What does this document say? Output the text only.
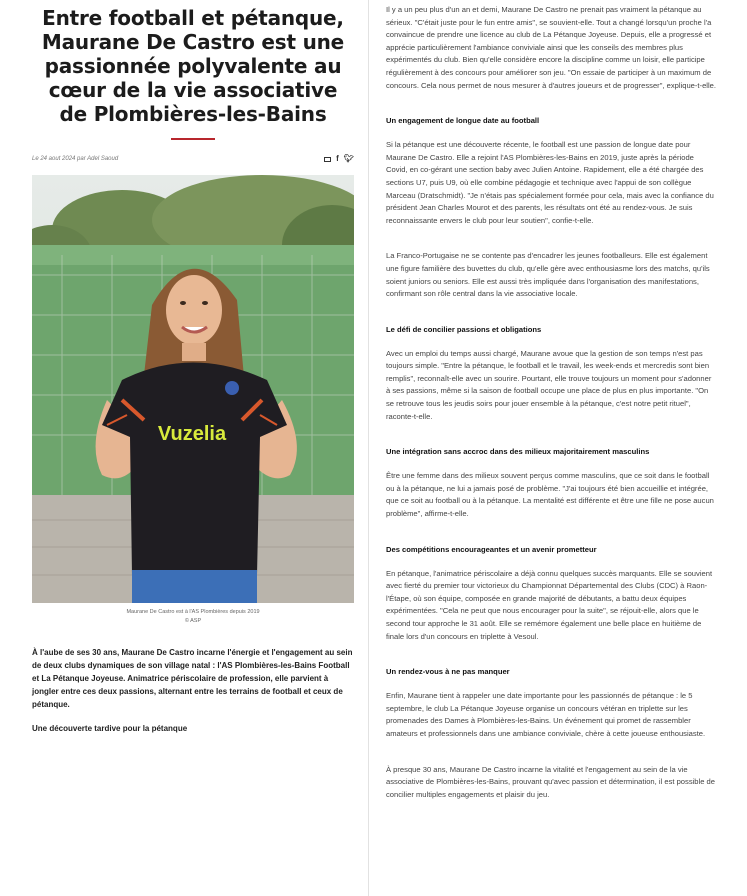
Entre football et pétanque, Maurane De Castro est une passionnée polyvalente au cœur de la vie associative de Plombières-les-Bains
Le 24 aout 2024 par Adel Saoud	f 🐦︎
Vuzelia
Maurane De Castro est à l'AS Plombières depuis 2019
© ASP

À l'aube de ses 30 ans, Maurane De Castro incarne l'énergie et l'engagement au sein de deux clubs dynamiques de son village natal : l'AS Plombières-les-Bains Football et La Pétanque Joyeuse. Animatrice périscolaire de profession, elle parvient à jongler entre ces deux passions, alternant entre les terrains de football et ceux de pétanque.

Une découverte tardive pour la pétanque

Il y a un peu plus d'un an et demi, Maurane De Castro ne prenait pas vraiment la pétanque au sérieux. "C'était juste pour le fun entre amis", se souvient-elle. Tout a changé lorsqu'un proche l'a convaincue de prendre une licence au club de La Pétanque Joyeuse. Depuis, elle a progressé et apprécie particulièrement l'ambiance conviviale ainsi que les conseils des membres plus expérimentés du club. Bien qu'elle considère encore la discipline comme un loisir, elle participe régulièrement à des concours pour améliorer son jeu. "On essaie de participer à un maximum de concours. Cela nous permet de nous mesurer à d'autres joueurs et de progresser", explique-t-elle.

Un engagement de longue date au football

Si la pétanque est une découverte récente, le football est une passion de longue date pour Maurane De Castro. Elle a rejoint l'AS Plombières-les-Bains en 2019, juste après la période Covid, en co-gérant une section baby avec Julien Antoine. Rapidement, elle a été chargée des sections U7, puis U9, où elle combine pédagogie et technique avec l'appui de son collègue Marceau (Dratschmidt). "Je n'étais pas spécialement formée pour cela, mais avec la confiance du président Jean Charles Mourot et des parents, les résultats ont été au rendez-vous. Je suis reconnaissante envers le club pour leur soutien", confie-t-elle.

La Franco-Portugaise ne se contente pas d'encadrer les jeunes footballeurs. Elle est également une figure familière des buvettes du club, qu'elle gère avec enthousiasme lors des matchs, qu'ils soient juniors ou seniors. Elle est aussi très impliquée dans l'organisation des manifestations, confirmant son rôle central dans la vie associative locale.

Le défi de concilier passions et obligations

Avec un emploi du temps aussi chargé, Maurane avoue que la gestion de son temps n'est pas toujours simple. "Entre la pétanque, le football et le travail, les week-ends et mercredis sont bien remplis", reconnaît-elle avec un sourire. Pourtant, elle trouve toujours un moment pour s'adonner à ses passions, même si la saison de football occupe une place de plus en plus importante. "On se retrouve tous les jeudis soirs pour jouer ensemble à la pétanque, c'est notre petit rituel", raconte-t-elle.

Une intégration sans accroc dans des milieux majoritairement masculins

Être une femme dans des milieux souvent perçus comme masculins, que ce soit dans le football ou à la pétanque, ne lui a jamais posé de problème. "J'ai toujours été bien accueillie et intégrée, que ce soit au football ou à la pétanque. La mentalité est différente et être une fille ne pose aucun problème", affirme-t-elle.

Des compétitions encourageantes et un avenir prometteur

En pétanque, l'animatrice périscolaire a déjà connu quelques succès marquants. Elle se souvient avec fierté du premier tour victorieux du Championnat Départemental des Clubs (CDC) à Raon-l'Étape, où son équipe, composée en grande majorité de débutants, a battu deux équipes expérimentées. "Cela ne peut que nous encourager pour la suite", se réjouit-elle, alors que le second tour approche le 31 août. Elle se remémore également une belle place en huitième de finale lors d'un concours en triplette à Vesoul.

Un rendez-vous à ne pas manquer

Enfin, Maurane tient à rappeler une date importante pour les passionnés de pétanque : le 5 septembre, le club La Pétanque Joyeuse organise un concours vétéran en triplette sur les promenades des Dames à Plombières-les-Bains. Un événement qui promet de rassembler amateurs et professionnels dans une ambiance conviviale, chère à cette joueuse enthousiaste.

À presque 30 ans, Maurane De Castro incarne la vitalité et l'engagement au sein de la vie associative de Plombières-les-Bains, prouvant qu'avec passion et détermination, il est possible de concilier multiples engagements et plaisir du jeu.
